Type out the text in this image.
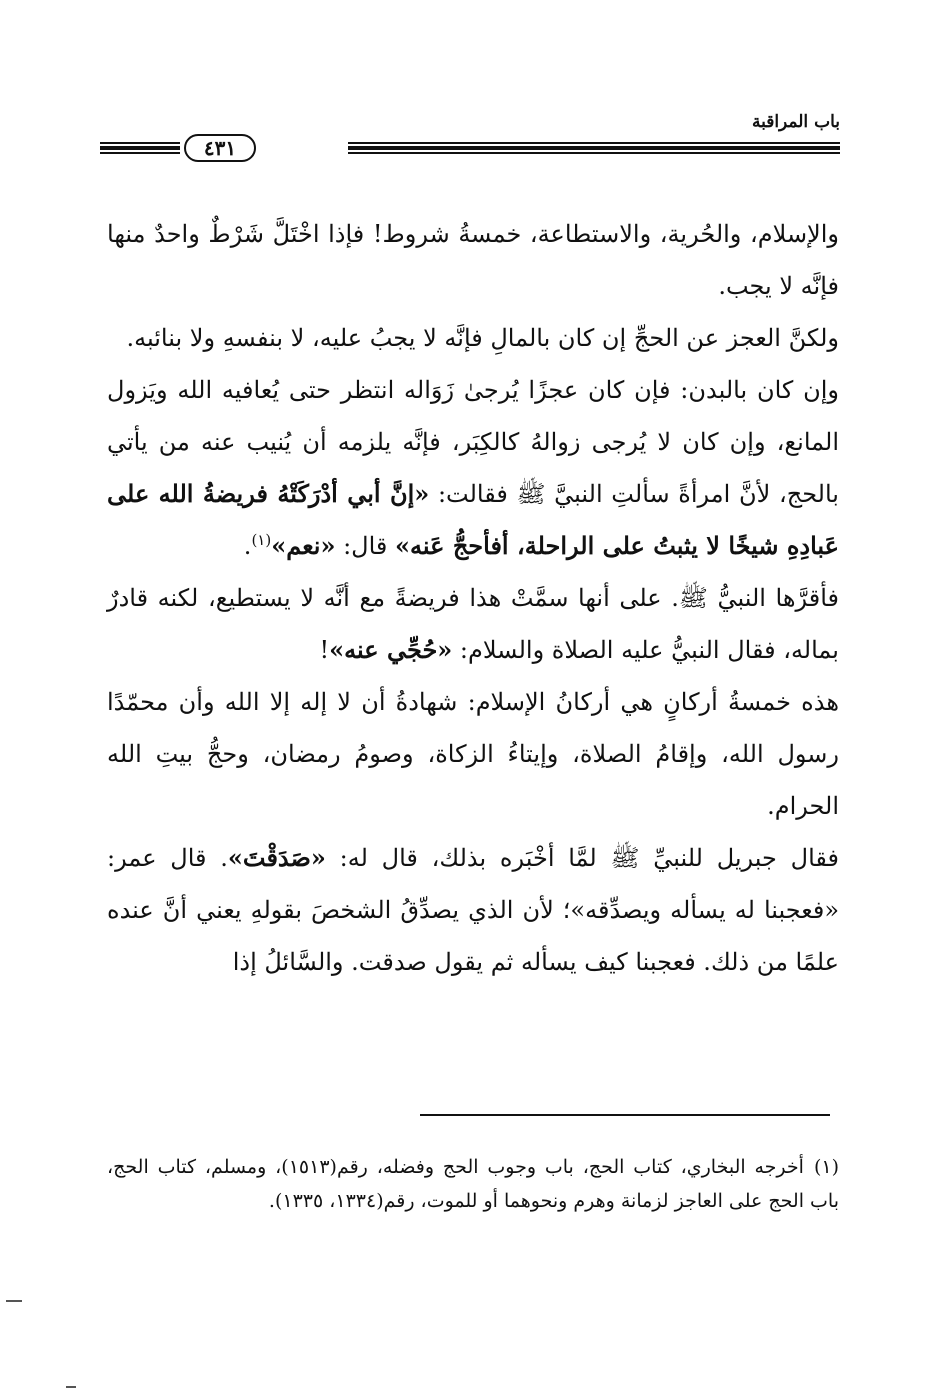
باب المراقبة
٤٣١

والإسلام، والحُرية، والاستطاعة، خمسةُ شروط! فإذا اخْتَلَّ شَرْطٌ واحدٌ منها فإنَّه لا يجب.

ولكنَّ العجز عن الحجِّ إن كان بالمالِ فإنَّه لا يجبُ عليه، لا بنفسهِ ولا بنائبه.

وإن كان بالبدن: فإن كان عجزًا يُرجىٰ زَوَاله انتظر حتى يُعافيه الله ويَزول المانع، وإن كان لا يُرجى زوالهُ كالكِبَر، فإنَّه يلزمه أن يُنيب عنه من يأتي بالحج، لأنَّ امرأةً سألتِ النبيَّ ﷺ فقالت: «إنَّ أبي أدْرَكَتْهُ فريضةُ الله على عَبادِهِ شيخًا لا يثبتُ على الراحلة، أفأحجُّ عَنه» قال: «نعم»$^{(١)}$.

فأقرَّها النبيُّ ﷺ. على أنها سمَّتْ هذا فريضةً مع أنَّه لا يستطيع، لكنه قادرٌ بماله، فقال النبيُّ عليه الصلاة والسلام: «حُجِّي عنه»!

هذه خمسةُ أركانٍ هي أركانُ الإسلام: شهادةُ أن لا إله إلا الله وأن محمّدًا رسول الله، وإقامُ الصلاة، وإيتاءُ الزكاة، وصومُ رمضان، وحجُّ بيتِ الله الحرام.

فقال جبريل للنبيِّ ﷺ لمَّا أخْبَره بذلك، قال له: «صَدَقْتَ». قال عمر: «فعجبنا له يسأله ويصدِّقه»؛ لأن الذي يصدِّقُ الشخصَ بقولهِ يعني أنَّ عنده علمًا من ذلك. فعجبنا كيف يسأله ثم يقول صدقت. والسَّائلُ إذا

(١)أخرجه البخاري، كتاب الحج، باب وجوب الحج وفضله، رقم(١٥١٣)، ومسلم، كتاب الحج، باب الحج على العاجز لزمانة وهرم ونحوهما أو للموت، رقم(١٣٣٤، ١٣٣٥).
